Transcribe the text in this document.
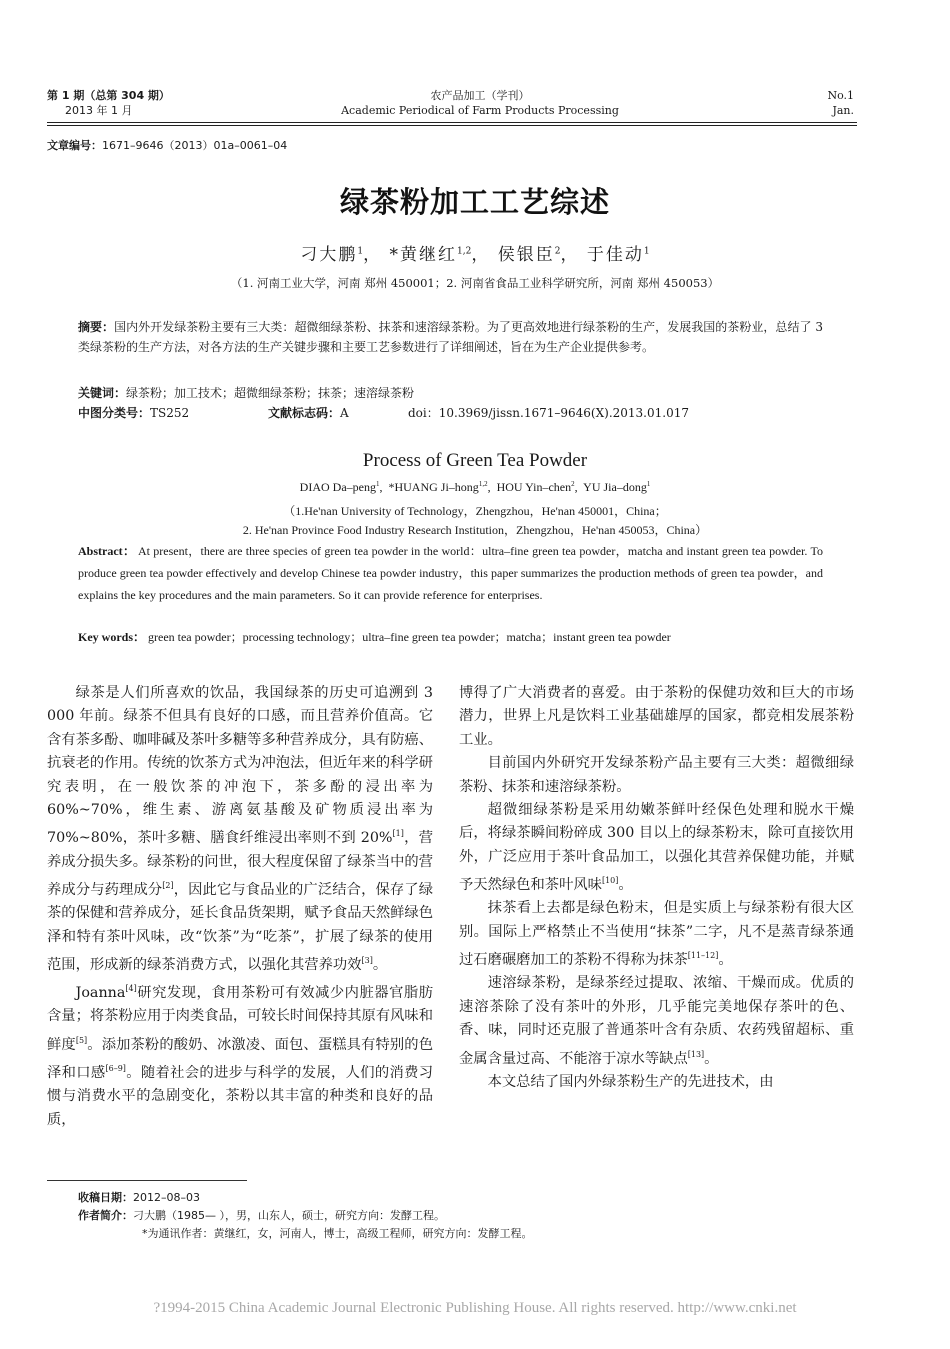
第 1 期（总第 304 期）
2013 年 1 月
农产品加工（学刊）
Academic Periodical of Farm Products Processing
No.1
Jan.
文章编号：1671–9646（2013）01a–0061–04
绿茶粉加工工艺综述
刁大鹏$^1$， *黄继红$^{1,2}$， 侯银臣$^2$， 于佳动$^1$
（1. 河南工业大学，河南 郑州 450001；2. 河南省食品工业科学研究所，河南 郑州 450053）
摘要：国内外开发绿茶粉主要有三大类：超微细绿茶粉、抹茶和速溶绿茶粉。为了更高效地进行绿茶粉的生产，发展我国的茶粉业，总结了 3 类绿茶粉的生产方法，对各方法的生产关键步骤和主要工艺参数进行了详细阐述，旨在为生产企业提供参考。
关键词：绿茶粉；加工技术；超微细绿茶粉；抹茶；速溶绿茶粉
中图分类号：TS252	文献标志码：A	doi：10.3969/jissn.1671–9646(X).2013.01.017
Process of Green Tea Powder
DIAO Da–peng$^1$,  *HUANG Ji–hong$^{1,2}$,  HOU Yin–chen$^2$,  YU Jia–dong$^1$
（1.He'nan University of Technology，Zhengzhou，He'nan 450001，China；
2. He'nan Province Food Industry Research Institution，Zhengzhou，He'nan 450053，China）
Abstract： At present，there are three species of green tea powder in the world：ultra–fine green tea powder，matcha and instant green tea powder. To produce green tea powder effectively and develop Chinese tea powder industry，this paper summarizes the production methods of green tea powder，and explains the key procedures and the main parameters. So it can provide reference for enterprises.
Key words： green tea powder；processing technology；ultra–fine green tea powder；matcha；instant green tea powder

绿茶是人们所喜欢的饮品，我国绿茶的历史可追溯到 3 000 年前。绿茶不但具有良好的口感，而且营养价值高。它含有茶多酚、咖啡碱及茶叶多糖等多种营养成分，具有防癌、抗衰老的作用。传统的饮茶方式为冲泡法，但近年来的科学研究表明，在一般饮茶的冲泡下，茶多酚的浸出率为 60%~70%，维生素、游离氨基酸及矿物质浸出率为 70%~80%，茶叶多糖、膳食纤维浸出率则不到 20%[1]，营养成分损失多。绿茶粉的问世，很大程度保留了绿茶当中的营养成分与药理成分[2]，因此它与食品业的广泛结合，保存了绿茶的保健和营养成分，延长食品货架期，赋予食品天然鲜绿色泽和特有茶叶风味，改“饮茶”为“吃茶”，扩展了绿茶的使用范围，形成新的绿茶消费方式，以强化其营养功效[3]。

Joanna[4]研究发现，食用茶粉可有效减少内脏器官脂肪含量；将茶粉应用于肉类食品，可较长时间保持其原有风味和鲜度[5]。添加茶粉的酸奶、冰激凌、面包、蛋糕具有特别的色泽和口感[6–9]。随着社会的进步与科学的发展，人们的消费习惯与消费水平的急剧变化，茶粉以其丰富的种类和良好的品质，

博得了广大消费者的喜爱。由于茶粉的保健功效和巨大的市场潜力，世界上凡是饮料工业基础雄厚的国家，都竞相发展茶粉工业。

目前国内外研究开发绿茶粉产品主要有三大类：超微细绿茶粉、抹茶和速溶绿茶粉。

超微细绿茶粉是采用幼嫩茶鲜叶经保色处理和脱水干燥后，将绿茶瞬间粉碎成 300 目以上的绿茶粉末，除可直接饮用外，广泛应用于茶叶食品加工，以强化其营养保健功能，并赋予天然绿色和茶叶风味[10]。

抹茶看上去都是绿色粉末，但是实质上与绿茶粉有很大区别。国际上严格禁止不当使用“抹茶”二字，凡不是蒸青绿茶通过石磨碾磨加工的茶粉不得称为抹茶[11–12]。

速溶绿茶粉，是绿茶经过提取、浓缩、干燥而成。优质的速溶茶除了没有茶叶的外形，几乎能完美地保存茶叶的色、香、味，同时还克服了普通茶叶含有杂质、农药残留超标、重金属含量过高、不能溶于凉水等缺点[13]。

本文总结了国内外绿茶粉生产的先进技术，由

收稿日期：2012–08–03
作者简介：刁大鹏（1985— ），男，山东人，硕士，研究方向：发酵工程。
*为通讯作者：黄继红，女，河南人，博士，高级工程师，研究方向：发酵工程。
?1994-2015 China Academic Journal Electronic Publishing House. All rights reserved. http://www.cnki.net
